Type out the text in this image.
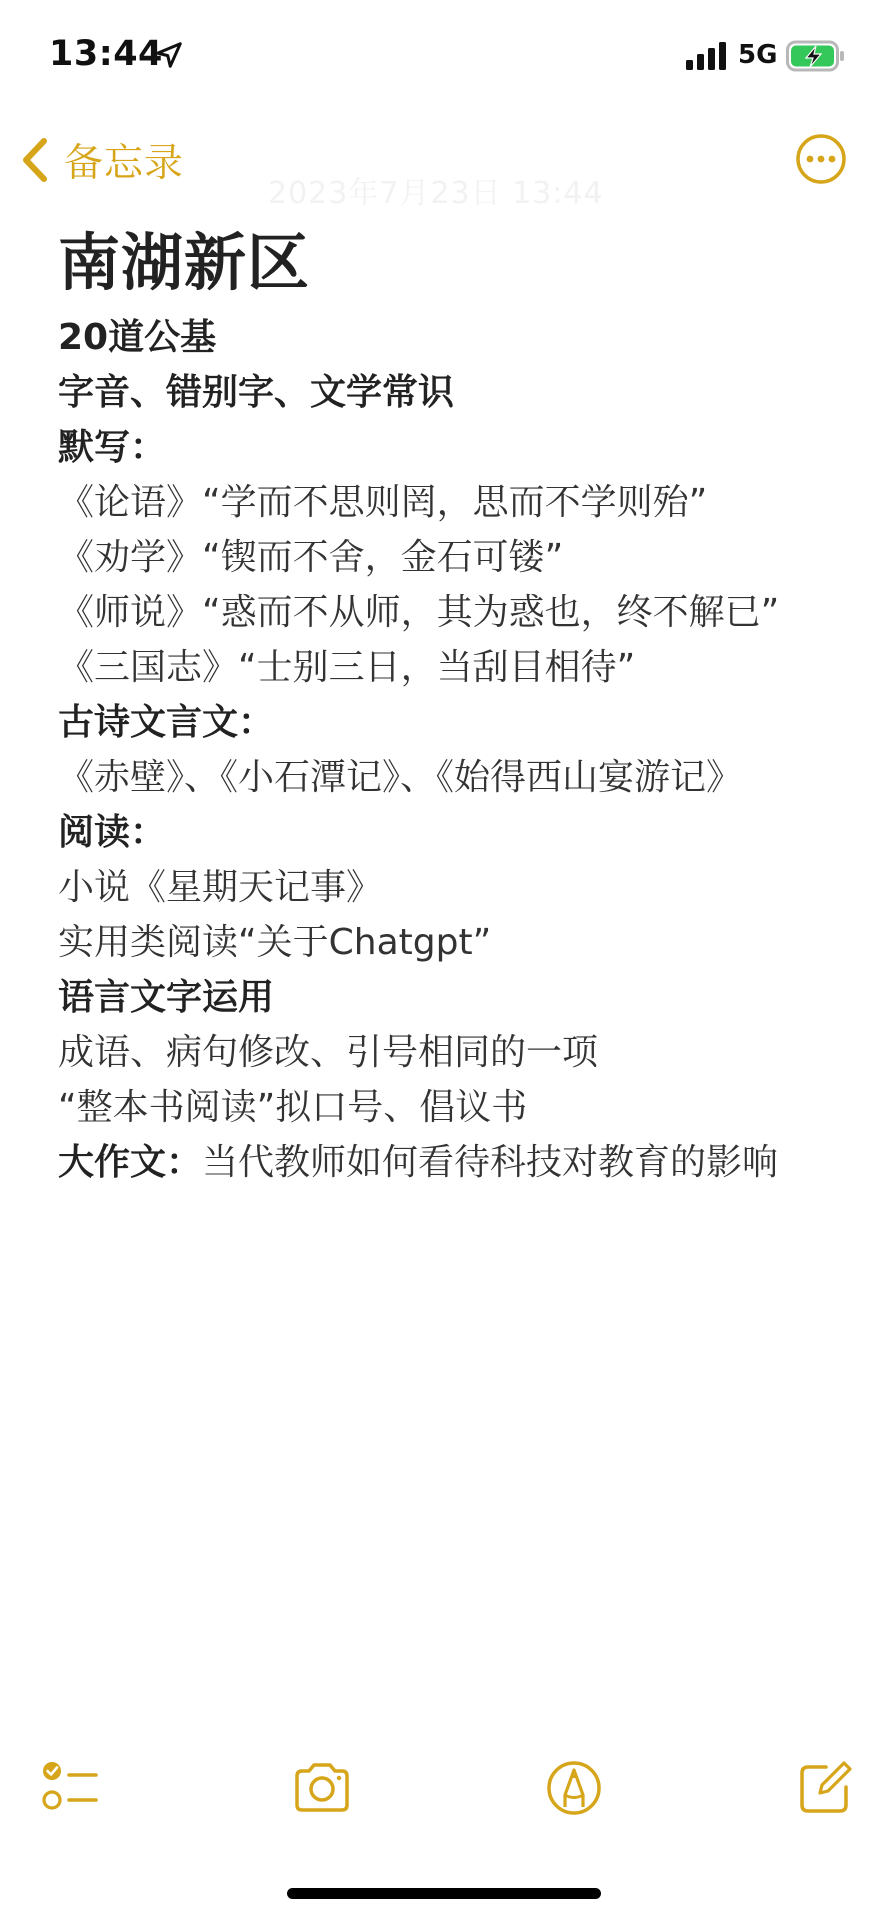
13:44	5G
2023年7月23日 13:44
备忘录
南湖新区
20道公基
字音、错别字、文学常识
默写：
《论语》“学而不思则罔，思而不学则殆”
《劝学》“锲而不舍，金石可镂”
《师说》“惑而不从师，其为惑也，终不解已”
《三国志》“士别三日，当刮目相待”
古诗文言文：
《赤壁》、《小石潭记》、《始得西山宴游记》
阅读：
小说《星期天记事》
实用类阅读“关于Chatgpt”
语言文字运用
成语、病句修改、引号相同的一项
“整本书阅读”拟口号、倡议书
大作文：当代教师如何看待科技对教育的影响
